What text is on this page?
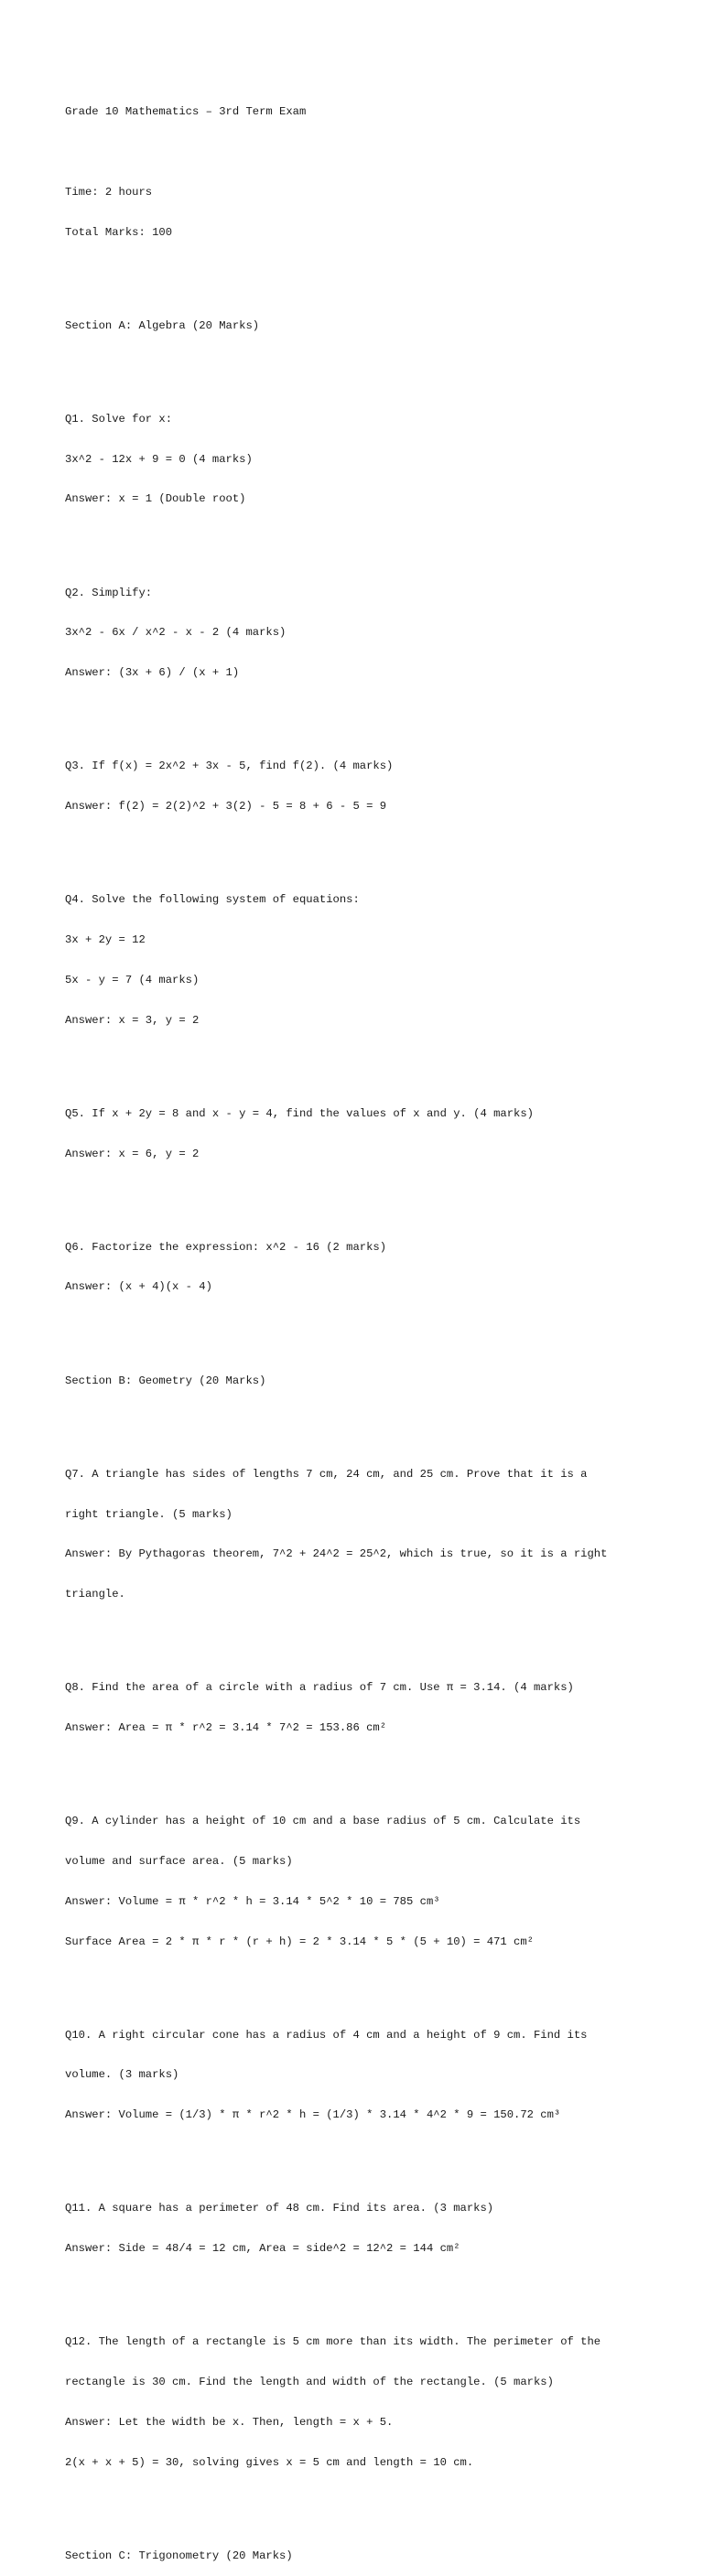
Grade 10 Mathematics – 3rd Term Exam

Time: 2 hours

Total Marks: 100

Section A: Algebra (20 Marks)

Q1. Solve for x:

3x^2 - 12x + 9 = 0 (4 marks)

Answer: x = 1 (Double root)

Q2. Simplify:

3x^2 - 6x / x^2 - x - 2 (4 marks)

Answer: (3x + 6) / (x + 1)

Q3. If f(x) = 2x^2 + 3x - 5, find f(2). (4 marks)

Answer: f(2) = 2(2)^2 + 3(2) - 5 = 8 + 6 - 5 = 9

Q4. Solve the following system of equations:

3x + 2y = 12

5x - y = 7 (4 marks)

Answer: x = 3, y = 2

Q5. If x + 2y = 8 and x - y = 4, find the values of x and y. (4 marks)

Answer: x = 6, y = 2

Q6. Factorize the expression: x^2 - 16 (2 marks)

Answer: (x + 4)(x - 4)

Section B: Geometry (20 Marks)

Q7. A triangle has sides of lengths 7 cm, 24 cm, and 25 cm. Prove that it is a

right triangle. (5 marks)

Answer: By Pythagoras theorem, 7^2 + 24^2 = 25^2, which is true, so it is a right

triangle.

Q8. Find the area of a circle with a radius of 7 cm. Use π = 3.14. (4 marks)

Answer: Area = π * r^2 = 3.14 * 7^2 = 153.86 cm²

Q9. A cylinder has a height of 10 cm and a base radius of 5 cm. Calculate its

volume and surface area. (5 marks)

Answer: Volume = π * r^2 * h = 3.14 * 5^2 * 10 = 785 cm³

Surface Area = 2 * π * r * (r + h) = 2 * 3.14 * 5 * (5 + 10) = 471 cm²

Q10. A right circular cone has a radius of 4 cm and a height of 9 cm. Find its

volume. (3 marks)

Answer: Volume = (1/3) * π * r^2 * h = (1/3) * 3.14 * 4^2 * 9 = 150.72 cm³

Q11. A square has a perimeter of 48 cm. Find its area. (3 marks)

Answer: Side = 48/4 = 12 cm, Area = side^2 = 12^2 = 144 cm²

Q12. The length of a rectangle is 5 cm more than its width. The perimeter of the

rectangle is 30 cm. Find the length and width of the rectangle. (5 marks)

Answer: Let the width be x. Then, length = x + 5.

2(x + x + 5) = 30, solving gives x = 5 cm and length = 10 cm.

Section C: Trigonometry (20 Marks)
